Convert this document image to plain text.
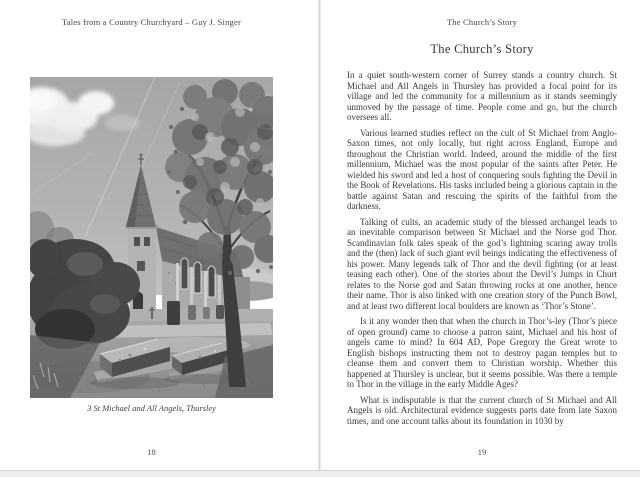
Tales from a Country Churchyard – Guy J. Singer
3 St Michael and All Angels, Thursley
18
The Church’s Story
The Church’s Story

In a quiet south-western corner of Surrey stands a country church. St Michael and All Angels in Thursley has provided a focal point for its village and led the community for a millennium as it stands seemingly unmoved by the passage of time. People come and go, but the church oversees all.

Various learned studies reflect on the cult of St Michael from Anglo-Saxon times, not only locally, but right across England, Europe and throughout the Christian world. Indeed, around the middle of the first millennium, Michael was the most popular of the saints after Peter. He wielded his sword and led a host of conquering souls fighting the Devil in the Book of Revelations. His tasks included being a glorious captain in the battle against Satan and rescuing the spirits of the faithful from the darkness.

Talking of cults, an academic study of the blessed archangel leads to an inevitable comparison between St Michael and the Norse god Thor. Scandinavian folk tales speak of the god’s lightning scaring away trolls and the (then) lack of such giant evil beings indicating the effectiveness of his power. Many legends talk of Thor and the devil fighting (or at least teasing each other). One of the stories about the Devil’s Jumps in Churt relates to the Norse god and Satan throwing rocks at one another, hence their name. Thor is also linked with one creation story of the Punch Bowl, and at least two different local boulders are known as ‘Thor’s Stone’.

Is it any wonder then that when the church in Thor’s-ley (Thor’s piece of open ground) came to choose a patron saint, Michael and his host of angels came to mind? In 604 AD, Pope Gregory the Great wrote to English bishops instructing them not to destroy pagan temples but to cleanse them and convert them to Christian worship. Whether this happened at Thursley is unclear, but it seems possible. Was there a temple to Thor in the village in the early Middle Ages?

What is indisputable is that the current church of St Michael and All Angels is old. Architectural evidence suggests parts date from late Saxon times, and one account talks about its foundation in 1030 by

19
